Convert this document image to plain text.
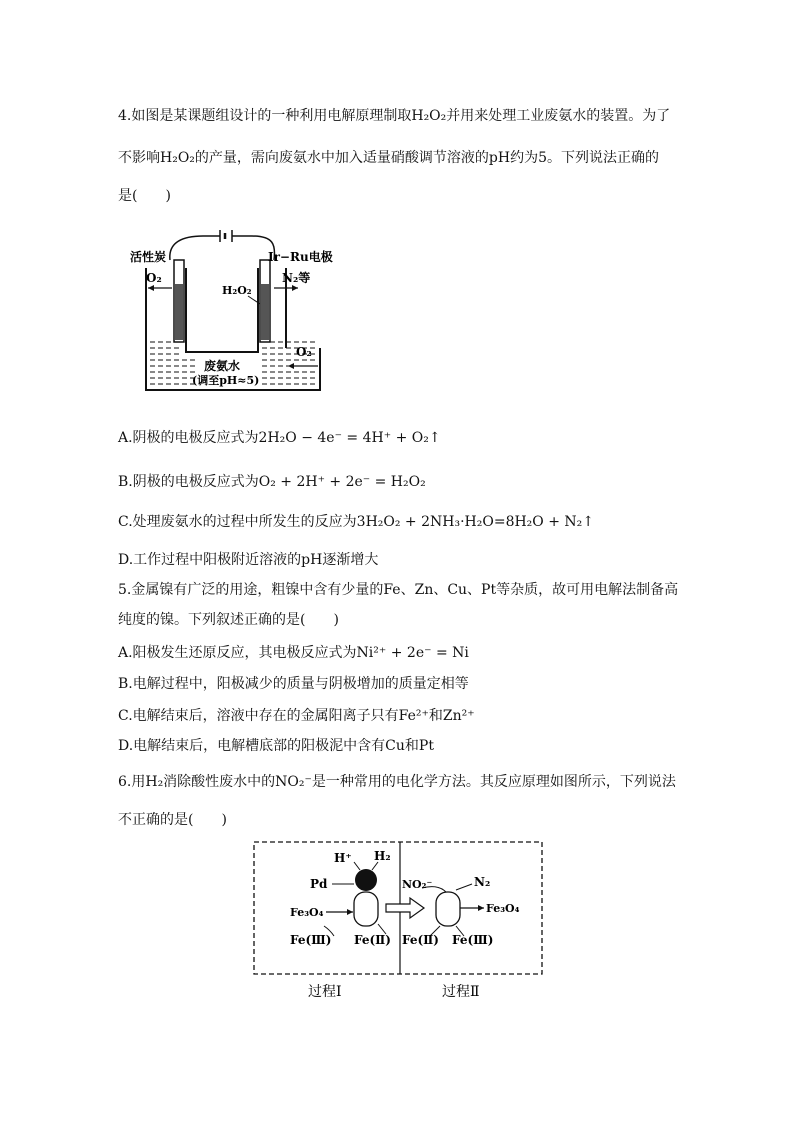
4.如图是某课题组设计的一种利用电解原理制取H₂O₂并用来处理工业废氨水的装置。为了
不影响H₂O₂的产量，需向废氨水中加入适量硝酸调节溶液的pH约为5。下列说法正确的
是(　　)
活性炭	Ir−Ru电极
O₂	N₂等
H₂O₂
O₂
废氨水
(调至pH≈5)
A.阴极的电极反应式为2H₂O − 4e⁻ = 4H⁺ + O₂↑
B.阴极的电极反应式为O₂ + 2H⁺ + 2e⁻ = H₂O₂
C.处理废氨水的过程中所发生的反应为3H₂O₂ + 2NH₃·H₂O=8H₂O + N₂↑
D.工作过程中阳极附近溶液的pH逐渐增大
5.金属镍有广泛的用途，粗镍中含有少量的Fe、Zn、Cu、Pt等杂质，故可用电解法制备高
纯度的镍。下列叙述正确的是(　　)
A.阳极发生还原反应，其电极反应式为Ni²⁺ + 2e⁻ = Ni
B.电解过程中，阳极减少的质量与阴极增加的质量定相等
C.电解结束后，溶液中存在的金属阳离子只有Fe²⁺和Zn²⁺
D.电解结束后，电解槽底部的阳极泥中含有Cu和Pt
6.用H₂消除酸性废水中的NO₂⁻是一种常用的电化学方法。其反应原理如图所示，下列说法
不正确的是(　　)
H⁺ H₂
Pd
Fe₃O₄
Fe(Ⅲ) Fe(Ⅱ)
NO₂⁻	N₂
Fe₃O₄
Fe(Ⅱ) Fe(Ⅲ)
过程Ⅰ	过程Ⅱ
